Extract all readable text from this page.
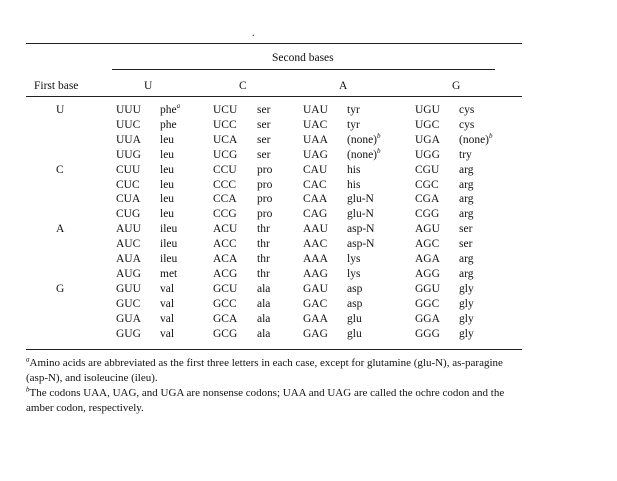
.
Second bases
First base	U	C	A	G
U	UUU phe$^a$	UCU ser	UAU tyr	UGU cys
UUC phe	UCC ser	UAC tyr	UGC cys
UUA leu	UCA ser	UAA (none)$^b$	UGA (none)$^b$
UUG leu	UCG ser	UAG (none)$^b$	UGG try
C	CUU leu	CCU pro	CAU his	CGU arg
CUC leu	CCC pro	CAC his	CGC arg
CUA leu	CCA pro	CAA glu-N	CGA arg
CUG leu	CCG pro	CAG glu-N	CGG arg
A	AUU ileu	ACU thr	AAU asp-N	AGU ser
AUC ileu	ACC thr	AAC asp-N	AGC ser
AUA ileu	ACA thr	AAA lys	AGA arg
AUG met	ACG thr	AAG lys	AGG arg
G	GUU val	GCU ala	GAU asp	GGU gly
GUC val	GCC ala	GAC asp	GGC gly
GUA val	GCA ala	GAA glu	GGA gly
GUG val	GCG ala	GAG glu	GGG gly
$^a$Amino acids are abbreviated as the first three letters in each case, except for glutamine (glu-N), as-paragine (asp-N), and isoleucine (ileu).
$^b$The codons UAA, UAG, and UGA are nonsense codons; UAA and UAG are called the ochre codon and the amber codon, respectively.
